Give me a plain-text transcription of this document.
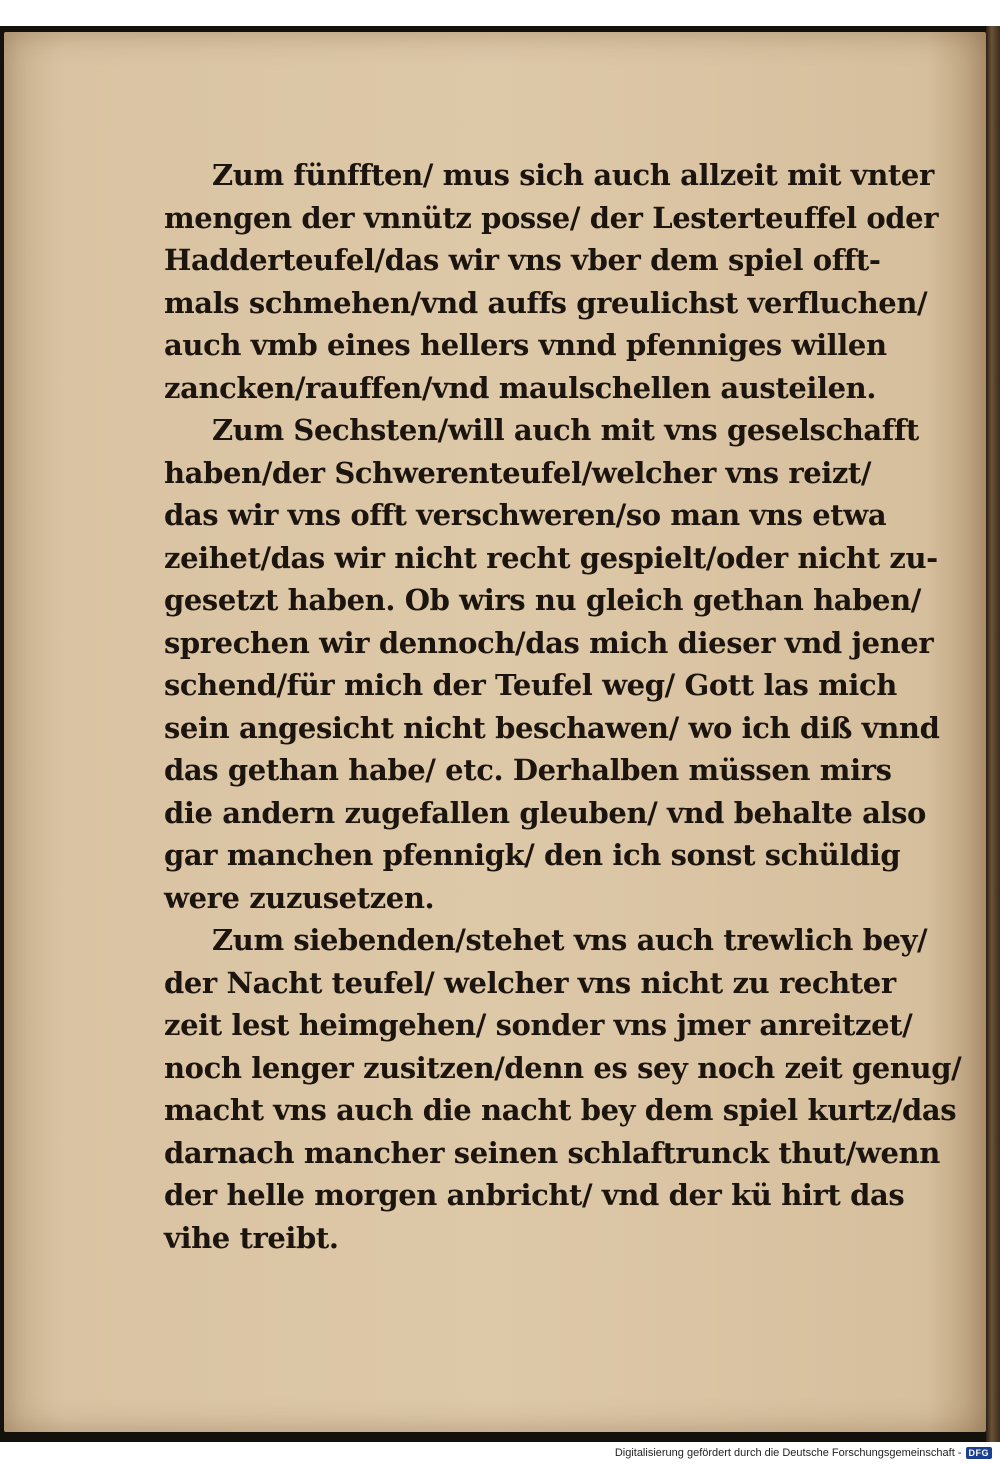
Zum fünfften/ mus sich auch allzeit mit vnter
mengen der vnnütz posse/ der Lesterteuffel oder
Hadderteufel/das wir vns vber dem spiel offt-
mals schmehen/vnd auffs greulichst verfluchen/
auch vmb eines hellers vnnd pfenniges willen
zancken/rauffen/vnd maulschellen austeilen.
Zum Sechsten/will auch mit vns geselschafft
haben/der Schwerenteufel/welcher vns reizt/
das wir vns offt verschweren/so man vns etwa
zeihet/das wir nicht recht gespielt/oder nicht zu-
gesetzt haben. Ob wirs nu gleich gethan haben/
sprechen wir dennoch/das mich dieser vnd jener
schend/für mich der Teufel weg/ Gott las mich
sein angesicht nicht beschawen/ wo ich diß vnnd
das gethan habe/ etc. Derhalben müssen mirs
die andern zugefallen gleuben/ vnd behalte also
gar manchen pfennigk/ den ich sonst schüldig
were zuzusetzen.
Zum siebenden/stehet vns auch trewlich bey/
der Nacht teufel/ welcher vns nicht zu rechter
zeit lest heimgehen/ sonder vns jmer anreitzet/
noch lenger zusitzen/denn es sey noch zeit genug/
macht vns auch die nacht bey dem spiel kurtz/das
darnach mancher seinen schlaftrunck thut/wenn
der helle morgen anbricht/ vnd der kü hirt das
vihe treibt.
Digitalisierung gefördert durch die Deutsche Forschungsgemeinschaft - DFG
